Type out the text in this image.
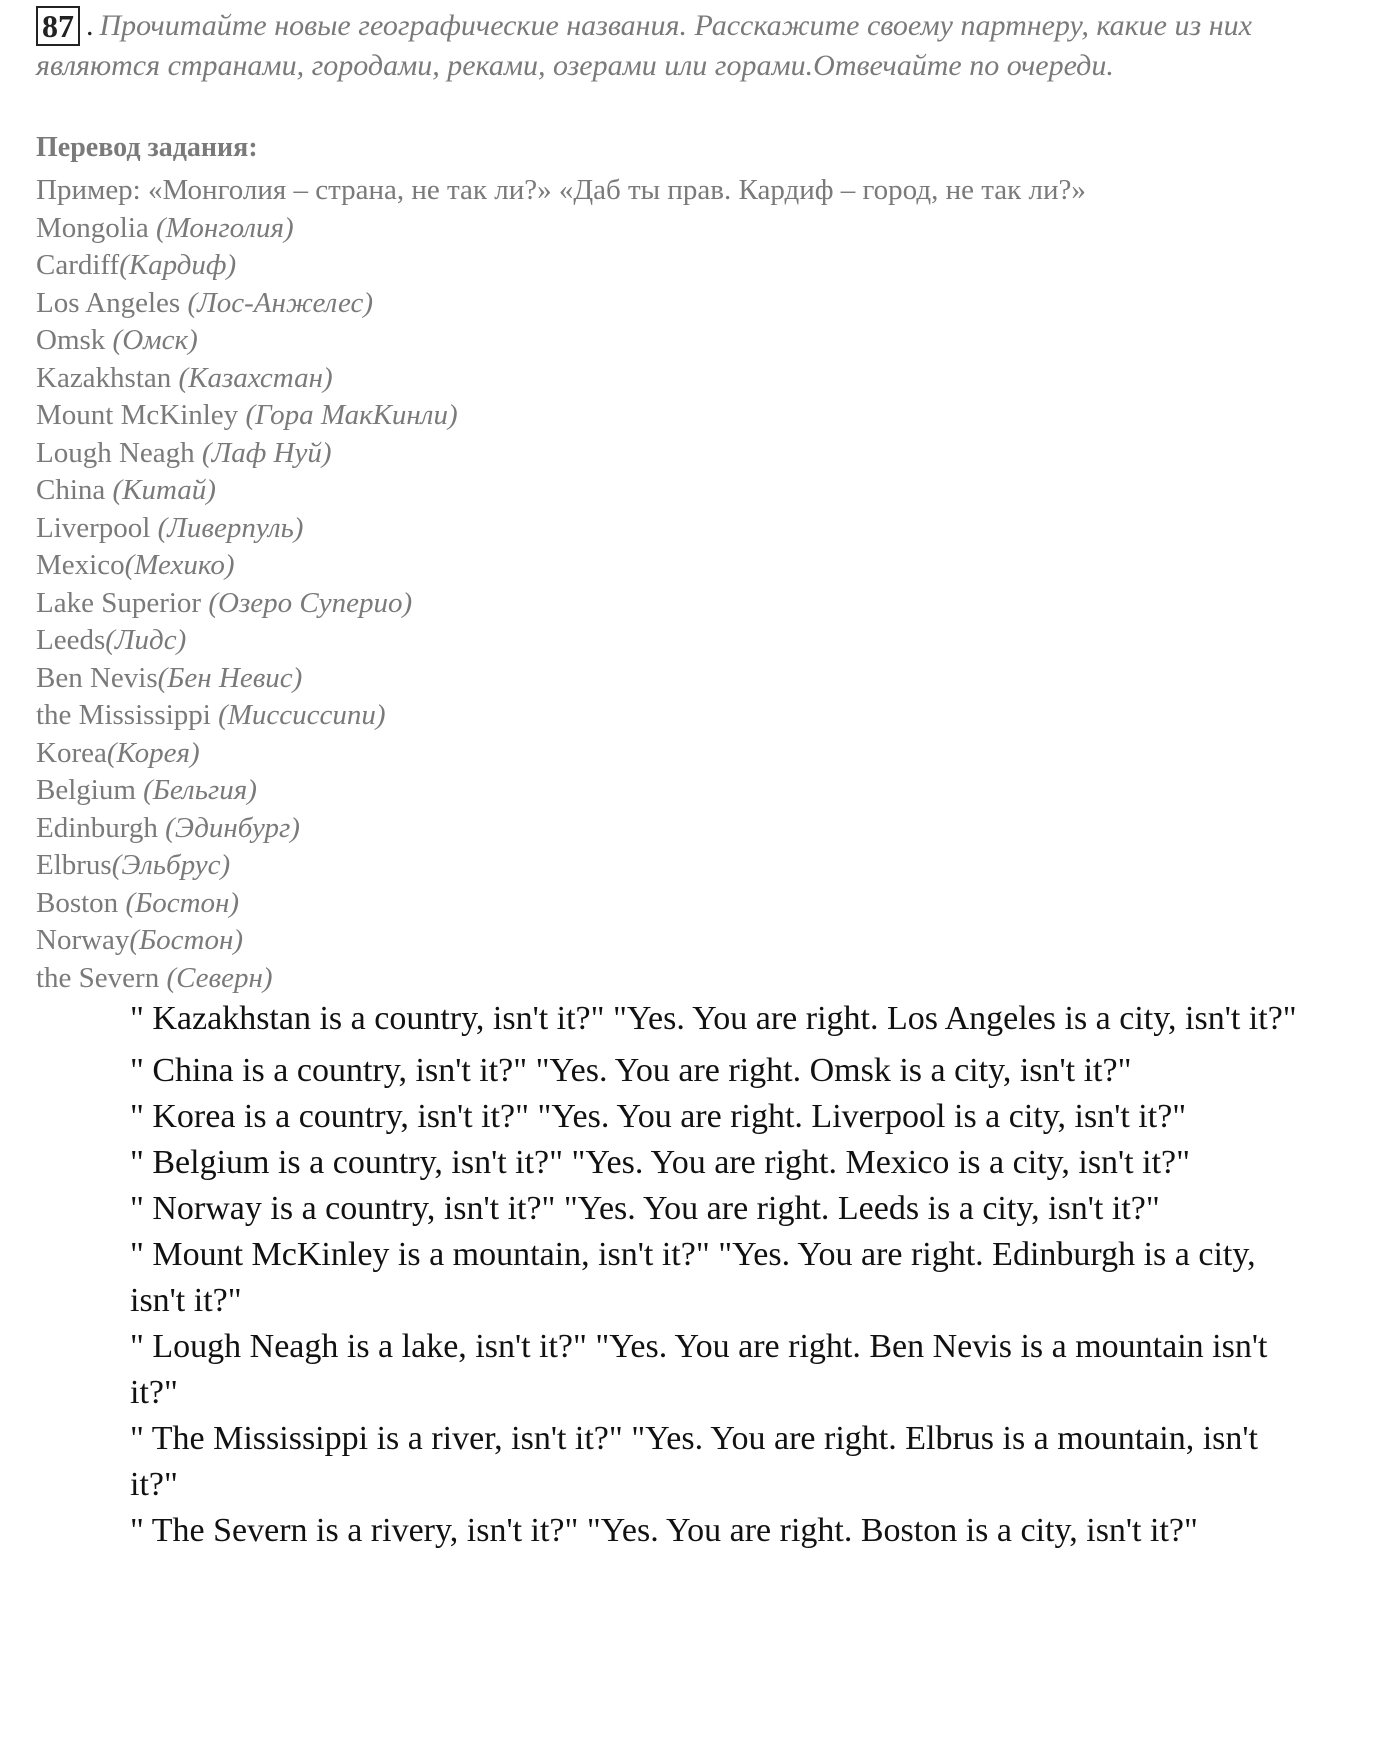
87 . Прочитайте новые географические названия. Расскажите своему партнеру, какие из них являются странами, городами, реками, озерами или горами.Отвечайте по очереди.
Перевод задания:
Пример: «Монголия – страна, не так ли?» «Даб ты прав. Кардиф – город, не так ли?»
Mongolia (Монголия)
Cardiff(Кардиф)
Los Angeles (Лос-Анжелес)
Omsk (Омск)
Kazakhstan (Казахстан)
Mount McKinley (Гора МакКинли)
Lough Neagh (Лаф Нуй)
China (Китай)
Liverpool (Ливерпуль)
Mexico(Мехико)
Lake Superior (Озеро Суперио)
Leeds(Лидс)
Ben Nevis(Бен Невис)
the Mississippi (Миссиссипи)
Korea(Корея)
Belgium (Бельгия)
Edinburgh (Эдинбург)
Elbrus(Эльбрус)
Boston (Бостон)
Norway(Бостон)
the Severn (Северн)

" Kazakhstan is a country, isn't it?" "Yes. You are right. Los Angeles is a city, isn't it?"

" China is a country, isn't it?" "Yes. You are right. Omsk is a city, isn't it?"

" Korea is a country, isn't it?" "Yes. You are right. Liverpool is a city, isn't it?"

" Belgium is a country, isn't it?" "Yes. You are right. Mexico is a city, isn't it?"

" Norway is a country, isn't it?" "Yes. You are right. Leeds is a city, isn't it?"

" Mount McKinley is a mountain, isn't it?" "Yes. You are right. Edinburgh is a city, isn't it?"

" Lough Neagh is a lake, isn't it?" "Yes. You are right. Ben Nevis is a mountain isn't it?"

" The Mississippi is a river, isn't it?" "Yes. You are right. Elbrus is a mountain, isn't it?"

" The Severn is a rivery, isn't it?" "Yes. You are right. Boston is a city, isn't it?"
